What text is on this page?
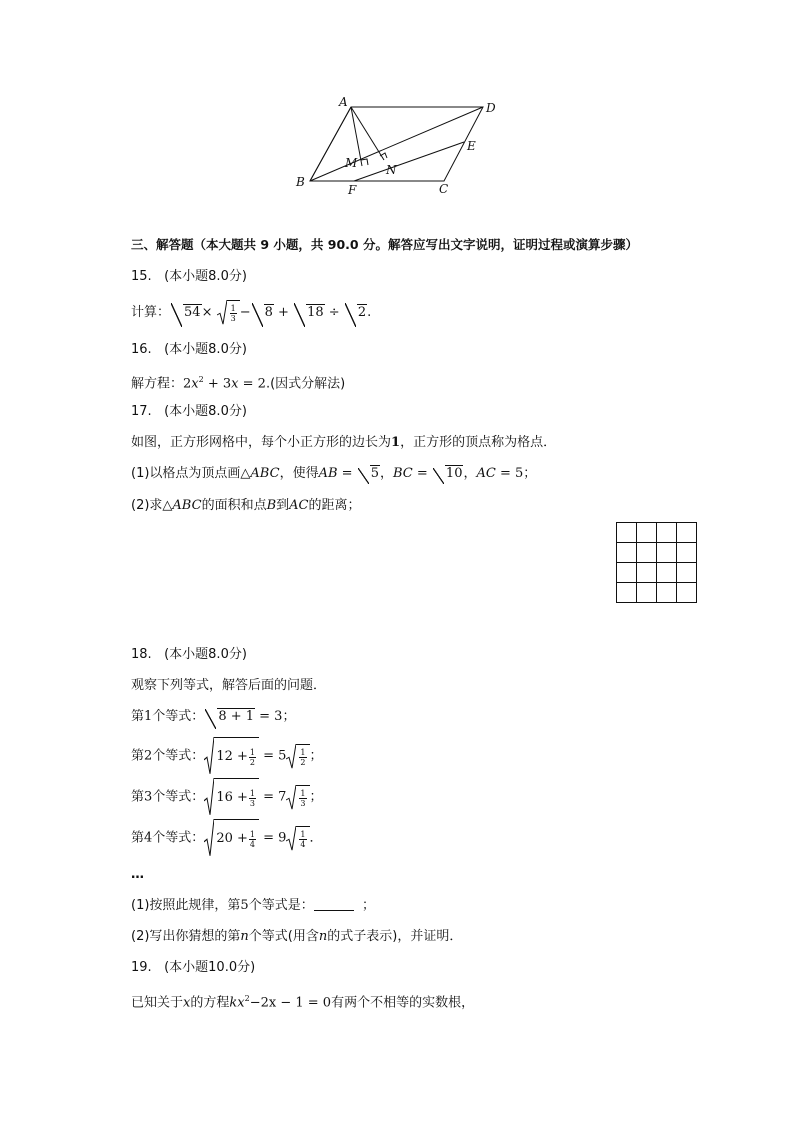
A	D
E
M N
B
F	C
三、解答题（本大题共 9 小题，共 90.0 分。解答应写出文字说明，证明过程或演算步骤）
15. (本小题8.0分)
计算： $54\times \frac{1}{3} - 8 + 18 \div 2$.
16. (本小题8.0分)
解方程：$2x^2 + 3x = 2$.(因式分解法)
17. (本小题8.0分)
如图，正方形网格中，每个小正方形的边长为1，正方形的顶点称为格点．
(1)以格点为顶点画△ABC，使得AB = 5，BC = 10，AC = 5；
(2)求△ABC的面积和点B到AC的距离；
18. (本小题8.0分)
观察下列等式，解答后面的问题．
第1个等式： 8 + 1 = 3；
第2个等式： $12 + \frac{1}{2} = 5 \frac{1}{2}$ ；
第3个等式： $16 + \frac{1}{3} = 7 \frac{1}{3}$ ；
第4个等式： $20 + \frac{1}{4} = 9 \frac{1}{4}$ ．
…
(1)按照此规律，第5个等式是：	；
(2)写出你猜想的第n个等式(用含n的式子表示)，并证明．
19. (本小题10.0分)
已知关于x的方程$kx^2-2x - 1 = 0$有两个不相等的实数根，
